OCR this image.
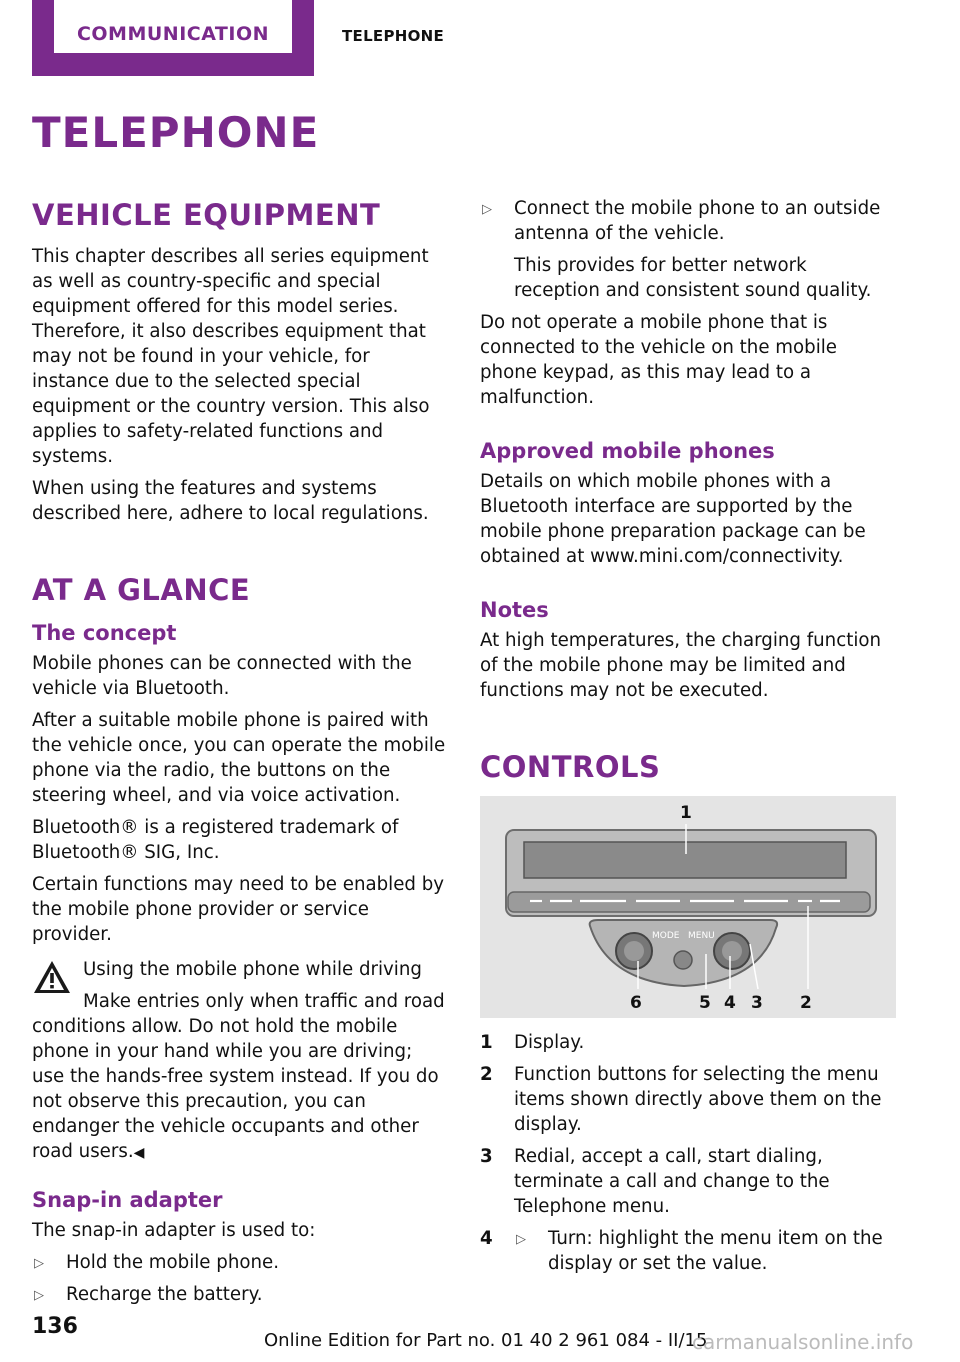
COMMUNICATION	TELEPHONE
TELEPHONE
VEHICLE EQUIPMENT

This chapter describes all series equipment as well as country-specific and special equipment offered for this model series. Therefore, it also describes equipment that may not be found in your vehicle, for instance due to the selected special equipment or the country version. This also applies to safety-related functions and systems.

When using the features and systems described here, adhere to local regulations.

AT A GLANCE
The concept

Mobile phones can be connected with the vehicle via Bluetooth.

After a suitable mobile phone is paired with the vehicle once, you can operate the mobile phone via the radio, the buttons on the steering wheel, and via voice activation.

Bluetooth® is a registered trademark of Bluetooth® SIG, Inc.

Certain functions may need to be enabled by the mobile phone provider or service provider.

Using the mobile phone while driving

Make entries only when traffic and road
conditions allow. Do not hold the mobile phone in your hand while you are driving; use the hands-free system instead. If you do not observe this precaution, you can endanger the vehicle occupants and other road users.◀
Snap-in adapter

The snap-in adapter is used to:

▷ Hold the mobile phone.
▷ Recharge the battery.
▷ Connect the mobile phone to an outside antenna of the vehicle.

This provides for better network reception and consistent sound quality.

Do not operate a mobile phone that is connected to the vehicle on the mobile phone keypad, as this may lead to a malfunction.

Approved mobile phones

Details on which mobile phones with a Bluetooth interface are supported by the mobile phone preparation package can be obtained at www.mini.com/connectivity.

Notes

At high temperatures, the charging function of the mobile phone may be limited and functions may not be executed.

CONTROLS
MODE MENU
1
6	5 4 3 2
1 Display.
2 Function buttons for selecting the menu items shown directly above them on the display.
3 Redial, accept a call, start dialing, terminate a call and change to the Telephone menu.
4 ▷ Turn: highlight the menu item on the display or set the value.
136
Online Edition for Part no. 01 40 2 961 084 - II/15
carmanualsonline.info
